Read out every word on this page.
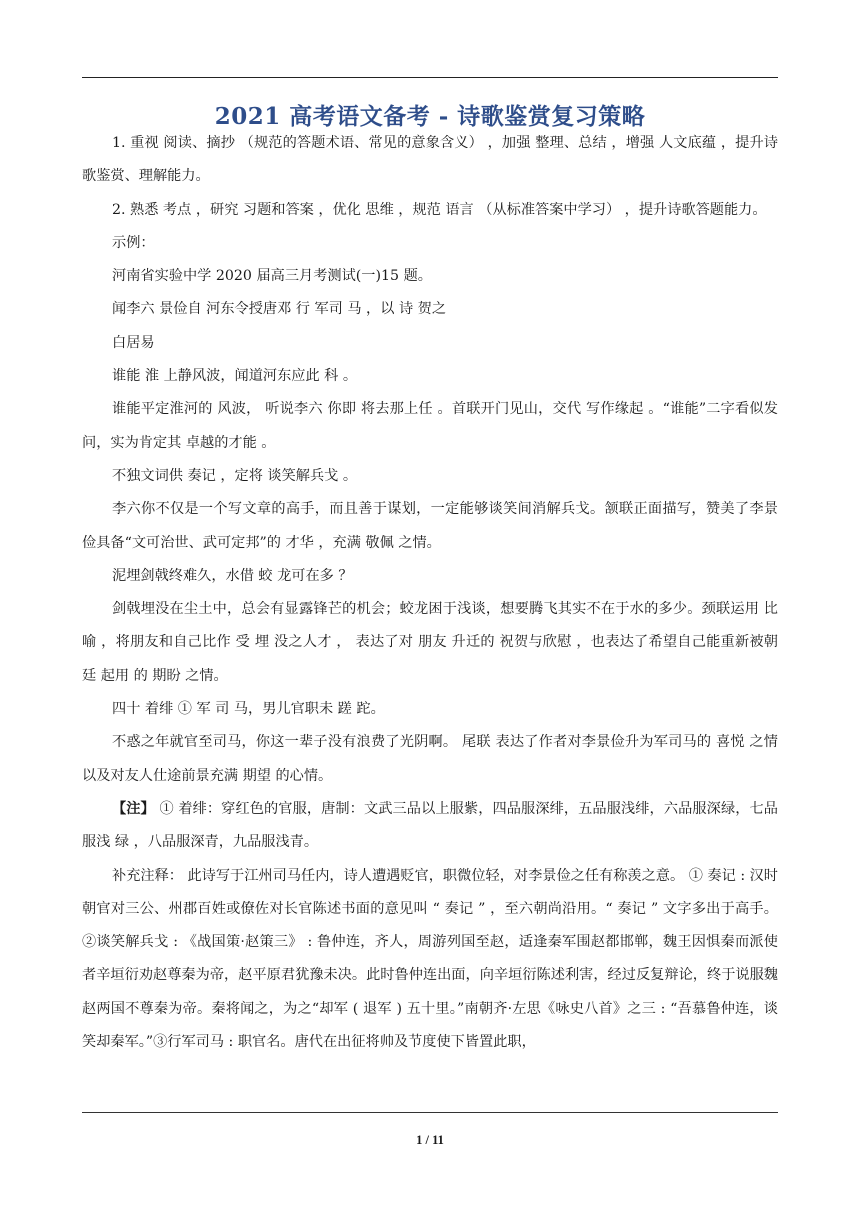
2021 高考语文备考 - 诗歌鉴赏复习策略

1. 重视 阅读、摘抄 （规范的答题术语、常见的意象含义） ，加强 整理、总结 ，增强 人文底蕴 ，提升诗歌鉴赏、理解能力。

2. 熟悉 考点 ，研究 习题和答案 ，优化 思维 ，规范 语言 （从标准答案中学习） ，提升诗歌答题能力。

示例：

河南省实验中学 2020 届高三月考测试(一)15 题。

闻李六 景俭自 河东令授唐邓 行 军司 马 ，以 诗 贺之

白居易

谁能 淮 上静风波，闻道河东应此 科 。

谁能平定淮河的 风波， 听说李六 你即 将去那上任 。首联开门见山，交代 写作缘起 。“谁能”二字看似发问，实为肯定其 卓越的才能 。

不独文词供 奏记 ，定将 谈笑解兵戈 。

李六你不仅是一个写文章的高手，而且善于谋划，一定能够谈笑间消解兵戈。颔联正面描写，赞美了李景俭具备“文可治世、武可定邦”的 才华 ，充满 敬佩 之情。

泥埋剑戟终难久，水借 蛟 龙可在多 ？

剑戟埋没在尘土中，总会有显露锋芒的机会；蛟龙困于浅谈，想要腾飞其实不在于水的多少。颈联运用 比喻 ，将朋友和自己比作 受 埋 没之人才 ， 表达了对 朋友 升迁的 祝贺与欣慰 ，也表达了希望自己能重新被朝廷 起用 的 期盼 之情。

四十 着绯 ① 军 司 马，男儿官职未 蹉 跎。

不惑之年就官至司马，你这一辈子没有浪费了光阴啊。 尾联 表达了作者对李景俭升为军司马的 喜悦 之情以及对友人仕途前景充满 期望 的心情。

【注】 ① 着绯：穿红色的官服，唐制：文武三品以上服紫，四品服深绯，五品服浅绯，六品服深绿，七品服浅 绿 ，八品服深青，九品服浅青。

补充注释： 此诗写于江州司马任内，诗人遭遇贬官，职微位轻，对李景俭之任有称羡之意。 ① 奏记 : 汉时朝官对三公、州郡百姓或僚佐对长官陈述书面的意见叫 “ 奏记 ” ，至六朝尚沿用。“ 奏记 ” 文字多出于高手。 ②谈笑解兵戈 : 《战国策·赵策三》 : 鲁仲连，齐人，周游列国至赵，适逢秦军围赵都邯郸，魏王因惧秦而派使者辛垣衍劝赵尊秦为帝，赵平原君犹豫未决。此时鲁仲连出面，向辛垣衍陈述利害，经过反复辩论，终于说服魏赵两国不尊秦为帝。秦将闻之，为之“却军 ( 退军 ) 五十里。”南朝齐·左思《咏史八首》之三 : “吾慕鲁仲连，谈笑却秦军。”③行军司马 : 职官名。唐代在出征将帅及节度使下皆置此职，

1 / 11
